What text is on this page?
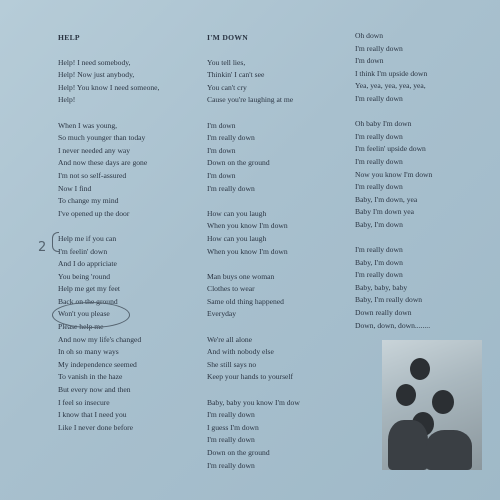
HELP
Help! I need somebody,
Help! Now just anybody,
Help! You know I need someone,
Help!
When I was young,
So much younger than today
I never needed any way
And now these days are gone
I'm not so self-assured
Now I find
To change my mind
I've opened up the door
Help me if you can
I'm feelin' down
And I do appriciate
You being 'round
Help me get my feet
Back on the ground
Won't you please
Please help me
And now my life's changed
In oh so many ways
My independence seemed
To vanish in the haze
But every now and then
I feel so insecure
I know that I need you
Like I never done before
I'M DOWN
You tell lies,
Thinkin' I can't see
You can't cry
Cause you're laughing at me
I'm down
I'm really down
I'm down
Down on the ground
I'm down
I'm really down
How can you laugh
When you know I'm down
How can you laugh
When you know I'm down
Man buys one woman
Clothes to wear
Same old thing happened
Everyday
We're all alone
And with nobody else
She still says no
Keep your hands to yourself
Baby, baby you know I'm dow
I'm really down
I guess I'm down
I'm really down
Down on the ground
I'm really down
Oh down
I'm really down
I'm down
I think I'm upside down
Yea, yea, yea, yea, yea,
I'm really down
Oh baby I'm down
I'm really down
I'm feelin' upside down
I'm really down
Now you know I'm down
I'm really down
Baby, I'm down, yea
Baby I'm down yea
Baby, I'm down
I'm really down
Baby, I'm down
I'm really down
Baby, baby, baby
Baby, I'm really down
Down really down
Down, down, down........
2
